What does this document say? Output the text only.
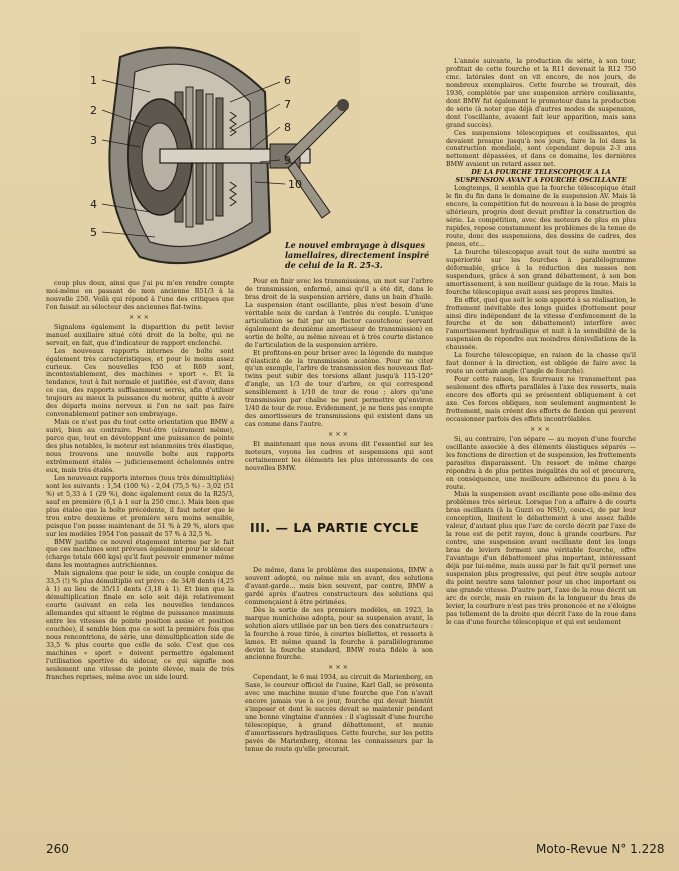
1
2
3
4
5
6
7
8
9
10
Le nouvel embrayage à disques lamellaires, directement inspiré de celui de la R. 25-3.

coup plus doux, ainsi que j'ai pu m'en rendre compte moi-même en passant de mon ancienne R51/3 à la nouvelle 250. Voilà qui répond à l'une des critiques que l'on faisait au sélecteur des anciennes flat-twins.

×××

Signalons également la disparition du petit levier manuel auxiliaire situé côté droit de la boîte, qui ne servait, en fait, que d'indicateur de rapport enclenché.

Les nouveaux rapports internes de boîte sont également très caractéristiques, et pour le moins assez curieux. Ces nouvelles R50 et R69 sont, incontestablement, des machines « sport ». Et la tendance, tout à fait normale et justifiée, est d'avoir, dans ce cas, des rapports suffisamment serrés, afin d'utiliser toujours au mieux la puissance du moteur, quitte à avoir des départs moins nerveux si l'on ne sait pas faire convenablement patiner son embrayage.

Mais ce n'est pas du tout cette orientation que BMW a suivi, bien au contraire. Peut-être (sûrement même), parce que, tout en développant une puissance de pointe des plus notables, le moteur est néanmoins très élastique, nous trouvons une nouvelle boîte aux rapports extrêmement étalés — judicieusement échelonnés entre eux, mais très étalés.

Les nouveaux rapports internes (tous très démultipliés) sont les suivants : 1,54 (100 %) - 2,04 (75,5 %) - 3,02 (51 %) et 5,33 à 1 (29 %), donc également ceux de la R25/3, sauf en première (6,1 à 1 sur la 250 cmc.). Mais bien que plus étalée que la boîte précédente, il faut noter que le trou entre deuxième et première sera moins sensible, puisque l'on passe maintenant de 51 % à 29 %, alors que sur les modèles 1954 l'on passait de 57 % à 32,5 %.

BMW justifie ce nouvel étagement interne par le fait que ces machines sont prévues également pour le sidecar (charge totale 660 kgs) qu'il faut pouvoir emmener même dans les montagnes autrichiennes.

Mais signalons que pour le side, un couple conique de 33,5 (!) % plus démultiplié est prévu : de 34/8 dents (4,25 à 1) au lieu de 35/11 dents (3,18 à 1). Et bien que la démultiplication finale en solo soit déjà relativement courte (suivant en cela les nouvelles tendances allemandes qui situent le régime de puissance maximum entre les vitesses de pointe position assise et position couchée), il semble bien que ce soit la première fois que nous rencontrions, de série, une démultiplication side de 33,5 % plus courte que celle de solo. C'est que ces machines « sport » doivent permettre également l'utilisation sportive du sidecar, ce qui signifie non seulement une vitesse de pointe élevée, mais de très franches reprises, même avec un side lourd.

Pour en finir avec les transmissions, un mot sur l'arbre de transmission, enfermé, ainsi qu'il a été dit, dans le bras droit de la suspension arrière, dans un bain d'huile. La suspension étant oscillante, plus n'est besoin d'une véritable noix de cardan à l'entrée du couple. L'unique articulation se fait par un flector caoutchouc (servant également de deuxième amortisseur de transmission) en sortie de boîte, au même niveau et à très courte distance de l'articulation de la suspension arrière.

Et profitons-en pour briser avec la légende du manque d'élasticité de la transmission acatène. Pour ne citer qu'un exemple, l'arbre de transmission des nouveaux flat-twins peut subir des torsions allant jusqu'à 115-120° d'angle, un 1/3 de tour d'arbre, ce qui correspond sensiblement à 1/10 de tour de roue ; alors qu'une transmission par chaîne ne peut permettre qu'environ 1/40 de tour de roue. Evidemment, je ne tiens pas compte des amortisseurs de transmissions qui existent dans un cas comme dans l'autre.

×××

Et maintenant que nous avons dit l'essentiel sur les moteurs, voyons les cadres et suspensions qui sont certainement les éléments les plus intéressants de ces nouvelles BMW.

III. — LA PARTIE CYCLE

De même, dans le problème des suspensions, BMW a souvent adopté, ou même mis en avant, des solutions d'avant-garde... mais bien souvent, par contre, BMW a gardé après d'autres constructeurs des solutions qui commençaient à être périmées.

Dès la sortie de ses premiers modèles, en 1923, la marque munichoise adopta, pour sa suspension avant, la solution alors utilisée par un bon tiers des constructeurs : la fourche à roue tirée, à courtes biellettes, et ressorts à lames. Et même quand la fourche à parallélogramme devint la fourche standard, BMW resta fidèle à son ancienne fourche.

×××

Cependant, le 6 mai 1934, au circuit de Marienberg, en Saxe, le coureur officiel de l'usine, Karl Gall, se présenta avec une machine munie d'une fourche que l'on n'avait encore jamais vue à ce jour, fourche qui devait bientôt s'imposer et dont le succès devait se maintenir pendant une bonne vingtaine d'années : il s'agissait d'une fourche télescopique, à grand débattement, et munie d'amortisseurs hydrauliques. Cette fourche, sur les petits pavés de Marienberg, étonna les connaisseurs par la tenue de route qu'elle procurait.

L'année suivante, la production de série, à son tour, profitait de cette fourche et la R11 devenait la R12 750 cmc. latérales dont on vit encore, de nos jours, de nombreux exemplaires. Cette fourche se trouvait, dès 1936, complétée par une suspension arrière coulissante, dont BMW fut également le promoteur dans la production de série (à noter que déjà d'autres modes de suspension, dont l'oscillante, avaient fait leur apparition, mais sans grand succès).

Ces suspensions télescopiques et coulissantes, qui devaient presque jusqu'à nos jours, faire la loi dans la construction mondiale, sont cependant depuis 2-3 ans nettement dépassées, et dans ce domaine, les dernières BMW avaient un retard assez net.

DE LA FOURCHE TELESCOPIQUE A LA SUSPENSION AVANT A FOURCHE OSCILLANTE

Longtemps, il sembla que la fourche télescopique était le fin du fin dans le domaine de la suspension AV. Mais là encore, la compétition fut de nouveau à la base de progrès ultérieurs, progrès dont devait profiter la construction de série. La compétition, avec des moteurs de plus en plus rapides, repose constamment les problèmes de la tenue de route, donc des suspensions, des dessins de cadres, des pneus, etc...

La fourche télescopique avait tout de suite montré sa supériorité sur les fourches à parallélogramme déformable, grâce à la réduction des masses non suspendues, grâce à son grand débattement, à son bon amortissement, à son meilleur guidage de la roue. Mais la fourche télescopique avait aussi ses propres limites.

En effet, quel que soit le soin apporté à sa réalisation, le frottement inévitable des longs guides (frottement pour ainsi dire indépendant de la vitesse d'enfoncement de la fourche et de son débattement) interfère avec l'amortissement hydraulique et nuit à la sensibilité de la suspension de répondre aux moindres dénivellations de la chaussée.

La fourche télescopique, en raison de la chasse qu'il faut donner à la direction, est obligée de faire avec la route un certain angle (l'angle de fourche).

Pour cette raison, les fourreaux ne transmettent pas seulement des efforts parallèles à l'axe des ressorts, mais encore des efforts qui se présentent obliquement à cet axe. Ces forces obliques, non seulement augmentent le frottement, mais créent des efforts de flexion qui peuvent occasionner parfois des effets incontrôlables.

×××

Si, au contraire, l'on sépare — au moyen d'une fourche oscillante associée à des éléments élastiques séparés — les fonctions de direction et de suspension, les frottements parasites disparaissent. Un ressort de même charge répondra à de plus petites inégalités du sol et procurera, en conséquence, une meilleure adhérence du pneu à la route.

Mais la suspension avant oscillante pose elle-même des problèmes très sérieux. Lorsque l'on a affaire à de courts bras oscillants (à la Guzzi ou NSU), ceux-ci, de par leur conception, limitent le débattement à une assez faible valeur, d'autant plus que l'arc de cercle décrit par l'axe de la roue est de petit rayon, donc à grande courbure. Par contre, une suspension avant oscillante dont les longs bras de leviers forment une véritable fourche, offre l'avantage d'un débattement plus important, intéressant déjà par lui-même, mais aussi par le fait qu'il permet une suspension plus progressive, qui peut être souple autour du point neutre sans talonner pour un choc important ou une grande vitesse. D'autre part, l'axe de la roue décrit un arc de cercle, mais en raison de la longueur du bras de levier, la courbure n'est pas très prononcée et ne s'éloigne pas tellement de la droite que décrit l'axe de la roue dans le cas d'une fourche télescopique et qui est seulement

260	Moto-Revue N° 1.228
